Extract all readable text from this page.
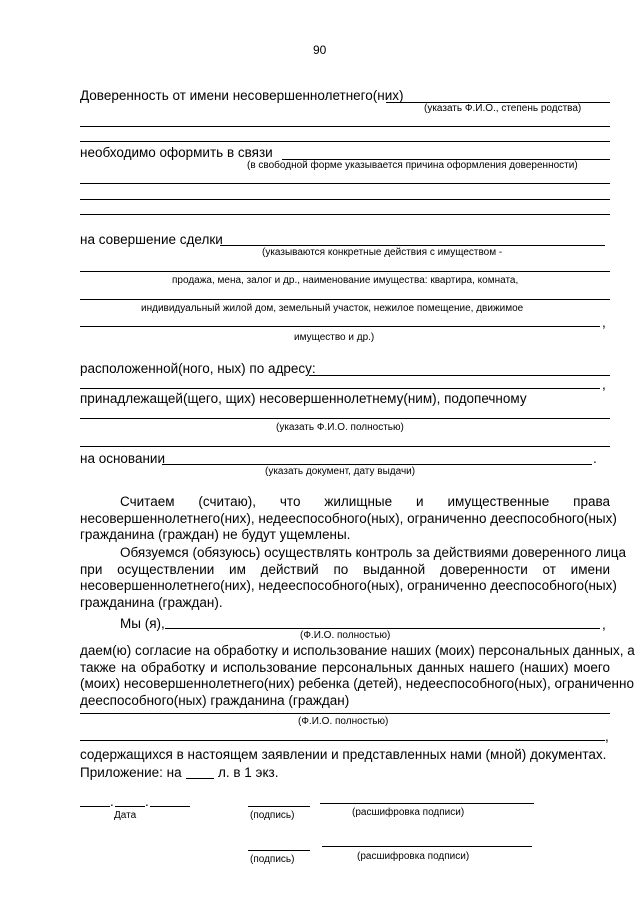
90
Доверенность от имени несовершеннолетнего(них)
(указать Ф.И.О., степень родства)
необходимо оформить в связи
(в свободной форме указывается причина оформления доверенности)
на совершение сделки
(указываются конкретные действия с имуществом -
продажа, мена, залог и др., наименование имущества: квартира, комната,
индивидуальный жилой дом, земельный участок, нежилое помещение, движимое
,
имущество и др.)
расположенной(ного, ных) по адресу:
,
принадлежащей(щего, щих) несовершеннолетнему(ним), подопечному
(указать Ф.И.О. полностью)
на основании	.
(указать документ, дату выдачи)
Считаем (считаю), что жилищные и имущественные права
несовершеннолетнего(них), недееспособного(ных), ограниченно дееспособного(ных)
гражданина (граждан) не будут ущемлены.
Обязуемся (обязуюсь) осуществлять контроль за действиями доверенного лица
при осуществлении им действий по выданной доверенности от имени
несовершеннолетнего(них), недееспособного(ных), ограниченно дееспособного(ных)
гражданина (граждан).
Мы (я),	,
(Ф.И.О. полностью)
даем(ю) согласие на обработку и использование наших (моих) персональных данных, а
также на обработку и использование персональных данных нашего (наших) моего
(моих) несовершеннолетнего(них) ребенка (детей), недееспособного(ных), ограниченно
дееспособного(ных) гражданина (граждан)
(Ф.И.О. полностью)
,
содержащихся в настоящем заявлении и представленных нами (мной) документах.
Приложение: на	л. в 1 экз.
. .
Дата	(подпись)	(расшифровка подписи)
(подпись)	(расшифровка подписи)
